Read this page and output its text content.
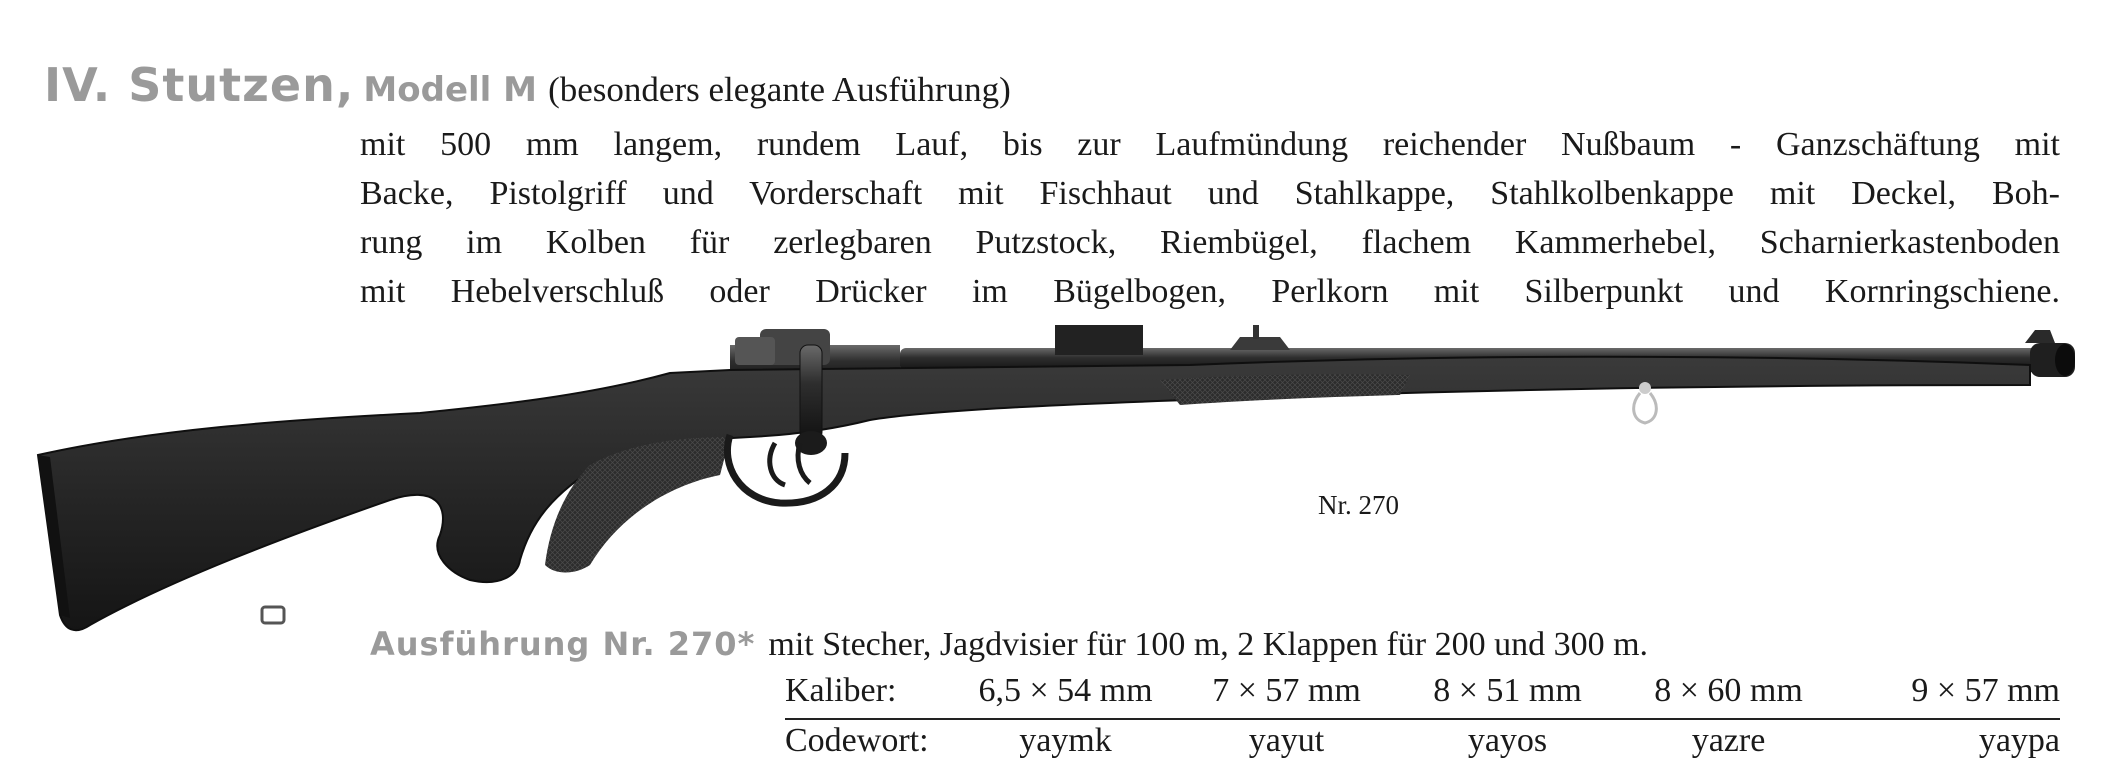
IV. Stutzen, Modell M (besonders elegante Ausführung)
mit 500 mm langem, rundem Lauf, bis zur Laufmündung reichender Nußbaum - Ganzschäftung mit
Backe, Pistolgriff und Vorderschaft mit Fischhaut und Stahlkappe, Stahlkolbenkappe mit Deckel, Boh-
rung im Kolben für zerlegbaren Putzstock, Riembügel, flachem Kammerhebel, Scharnierkastenboden
mit Hebelverschluß oder Drücker im Bügelbogen, Perlkorn mit Silberpunkt und Kornringschiene.
Nr. 270
Ausführung Nr. 270* mit Stecher, Jagdvisier für 100 m, 2 Klappen für 200 und 300 m.
Kaliber:	6,5 × 54 mm	7 × 57 mm	8 × 51 mm	8 × 60 mm	9 × 57 mm
Codewort:	yaymk	yayut	yayos	yazre	yaypa
